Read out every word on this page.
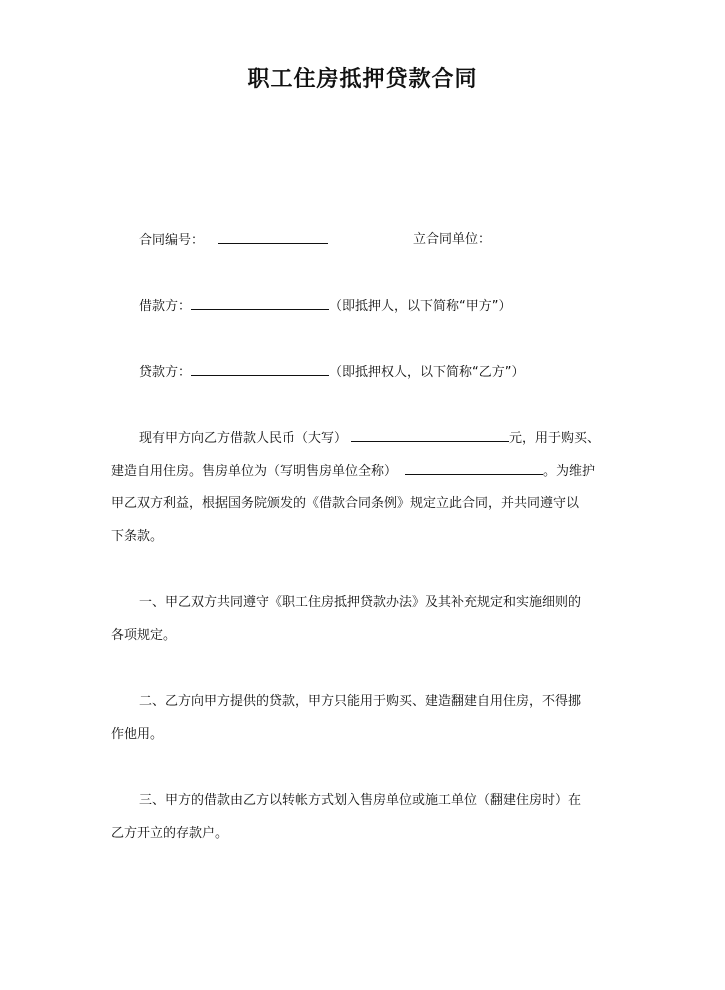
职工住房抵押贷款合同
合同编号：	立合同单位：
借款方：	（即抵押人，以下简称“甲方”）
贷款方：	（即抵押权人，以下简称“乙方”）
现有甲方向乙方借款人民币（大写）	元，用于购买、
建造自用住房。售房单位为（写明售房单位全称）	。为维护
甲乙双方利益，根据国务院颁发的《借款合同条例》规定立此合同，并共同遵守以
下条款。
一、甲乙双方共同遵守《职工住房抵押贷款办法》及其补充规定和实施细则的
各项规定。
二、乙方向甲方提供的贷款，甲方只能用于购买、建造翻建自用住房，不得挪
作他用。
三、甲方的借款由乙方以转帐方式划入售房单位或施工单位（翻建住房时）在
乙方开立的存款户。
